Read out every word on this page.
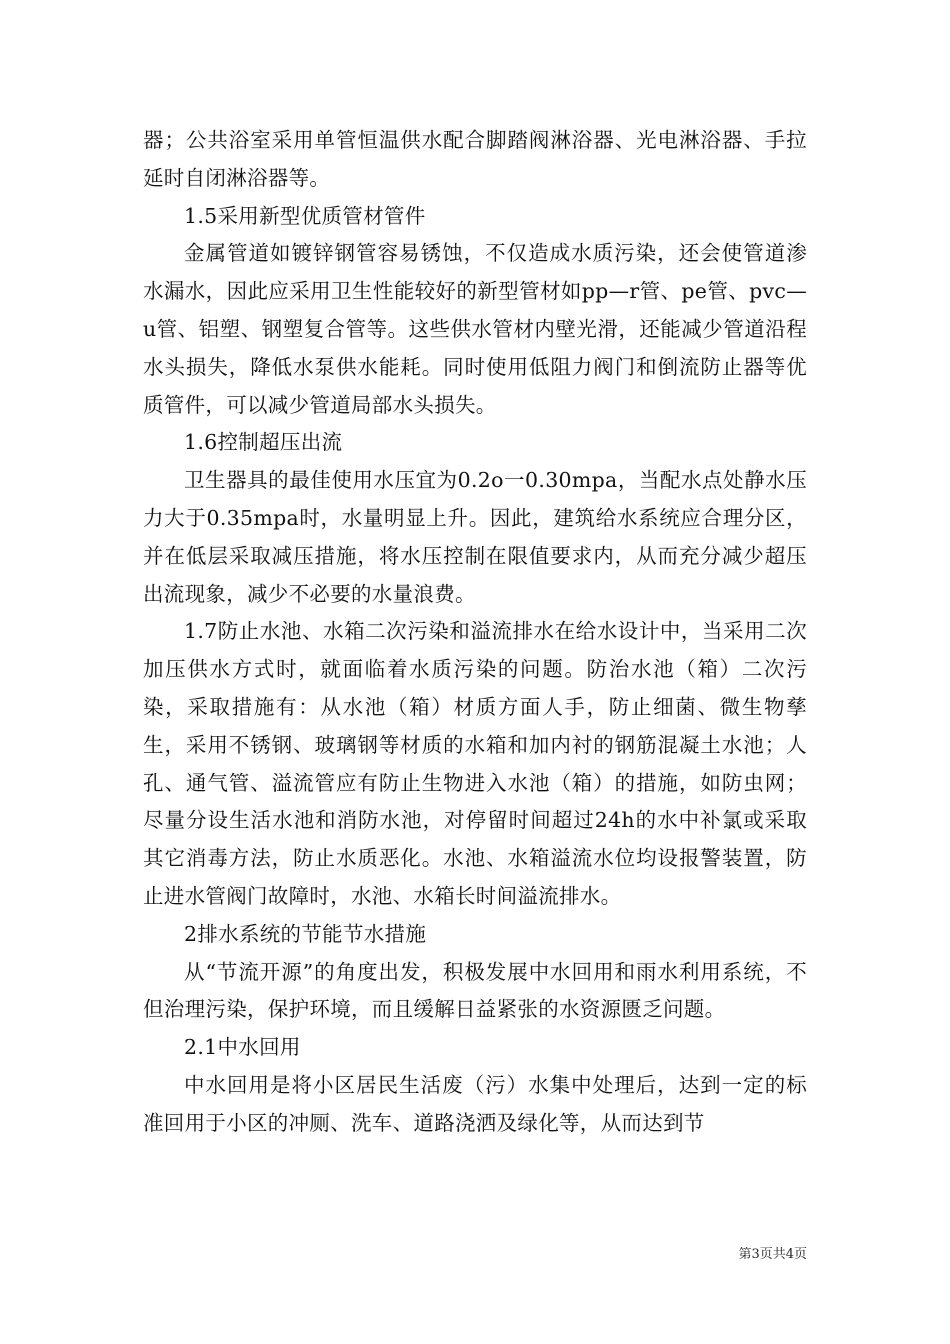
器；公共浴室采用单管恒温供水配合脚踏阀淋浴器、光电淋浴器、手拉延时自闭淋浴器等。

1.5采用新型优质管材管件

金属管道如镀锌钢管容易锈蚀，不仅造成水质污染，还会使管道渗水漏水，因此应采用卫生性能较好的新型管材如pp—r管、pe管、pvc—u管、铝塑、钢塑复合管等。这些供水管材内壁光滑，还能减少管道沿程水头损失，降低水泵供水能耗。同时使用低阻力阀门和倒流防止器等优质管件，可以减少管道局部水头损失。

1.6控制超压出流

卫生器具的最佳使用水压宜为0.2o一0.30mpa，当配水点处静水压力大于0.35mpa时，水量明显上升。因此，建筑给水系统应合理分区，并在低层采取减压措施，将水压控制在限值要求内，从而充分减少超压出流现象，减少不必要的水量浪费。

1.7防止水池、水箱二次污染和溢流排水在给水设计中，当采用二次加压供水方式时，就面临着水质污染的问题。防治水池（箱）二次污染，采取措施有：从水池（箱）材质方面人手，防止细菌、微生物孳生，采用不锈钢、玻璃钢等材质的水箱和加内衬的钢筋混凝土水池；人孔、通气管、溢流管应有防止生物进入水池（箱）的措施，如防虫网；尽量分设生活水池和消防水池，对停留时间超过24h的水中补氯或采取其它消毒方法，防止水质恶化。水池、水箱溢流水位均设报警装置，防止进水管阀门故障时，水池、水箱长时间溢流排水。

2排水系统的节能节水措施

从“节流开源”的角度出发，积极发展中水回用和雨水利用系统，不但治理污染，保护环境，而且缓解日益紧张的水资源匮乏问题。

2.1中水回用

中水回用是将小区居民生活废（污）水集中处理后，达到一定的标准回用于小区的冲厕、洗车、道路浇洒及绿化等，从而达到节

第3页共4页
